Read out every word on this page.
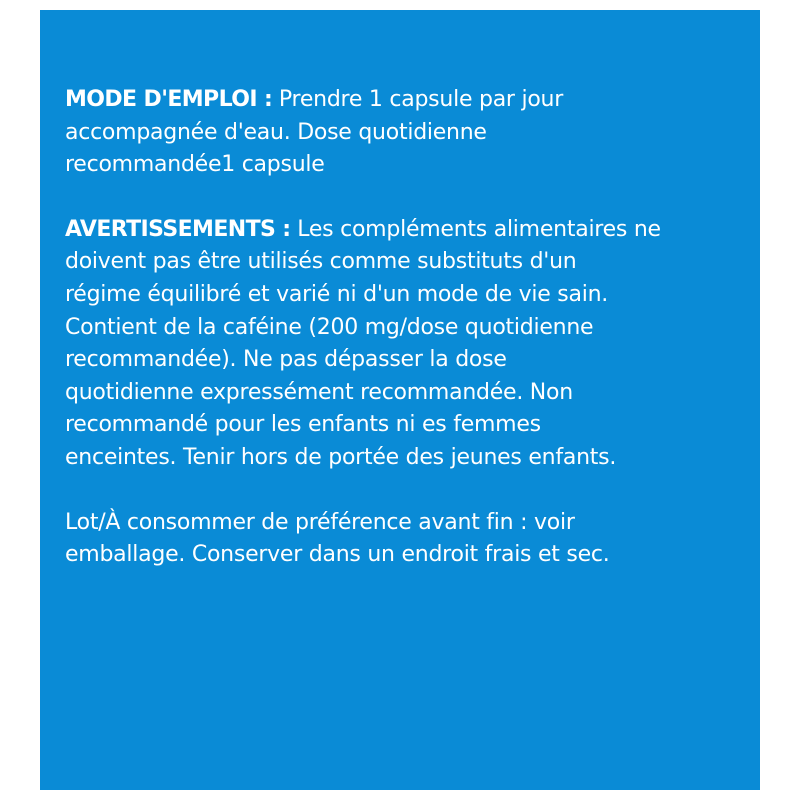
MODE D'EMPLOI : Prendre 1 capsule par jour
accompagnée d'eau. Dose quotidienne
recommandée1 capsule

AVERTISSEMENTS : Les compléments alimentaires ne
doivent pas être utilisés comme substituts d'un
régime équilibré et varié ni d'un mode de vie sain.
Contient de la caféine (200 mg/dose quotidienne
recommandée). Ne pas dépasser la dose
quotidienne expressément recommandée. Non
recommandé pour les enfants ni es femmes
enceintes. Tenir hors de portée des jeunes enfants.

Lot/À consommer de préférence avant fin : voir
emballage. Conserver dans un endroit frais et sec.
